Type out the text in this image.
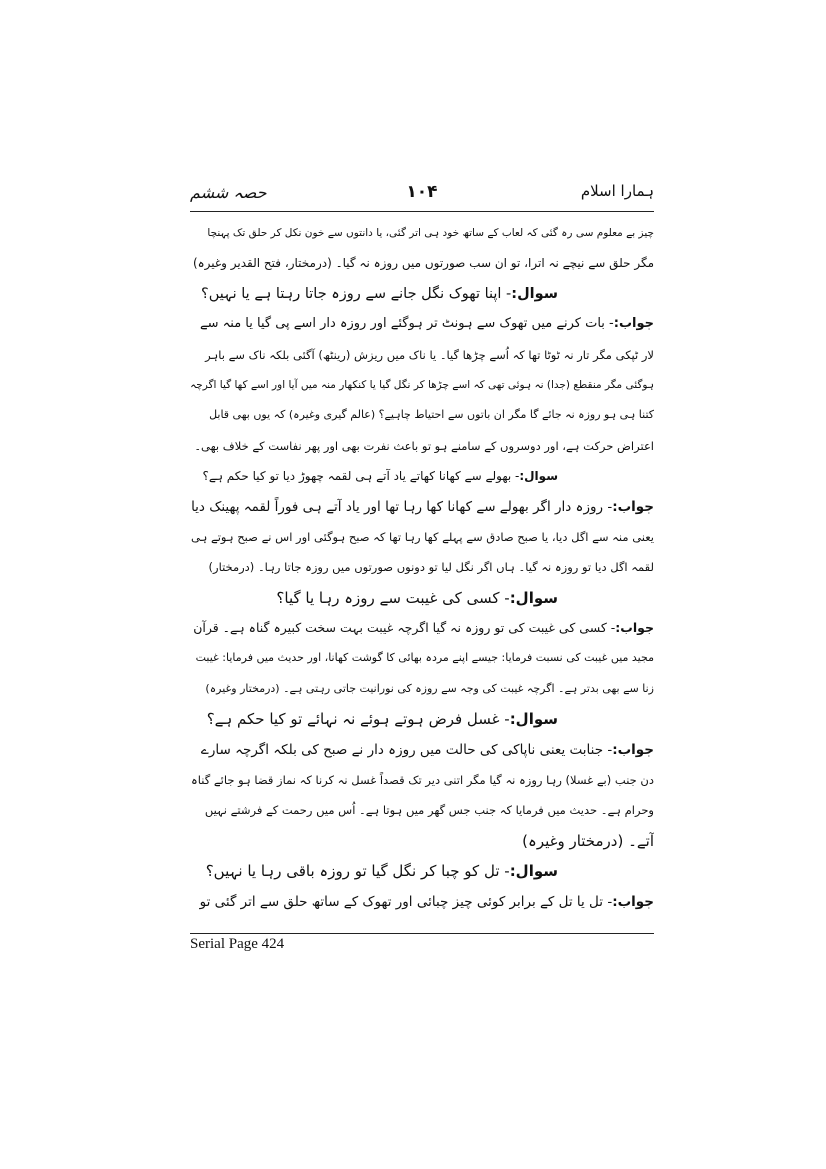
ہمارا اسلام
۱۰۴
حصہ ششم
چیز بے معلوم سی رہ گئی کہ لعاب کے ساتھ خود ہی اتر گئی، یا دانتوں سے خون نکل کر حلق تک پہنچا
مگر حلق سے نیچے نہ اترا، تو ان سب صورتوں میں روزہ نہ گیا۔ (درمختار، فتح القدیر وغیرہ)
سوال:- اپنا تھوک نگل جانے سے روزہ جاتا رہتا ہے یا نہیں؟
جواب:- بات کرنے میں تھوک سے ہونٹ تر ہوگئے اور روزہ دار اسے پی گیا یا منہ سے
لار ٹپکی مگر تار نہ ٹوٹا تھا کہ اُسے چڑھا گیا۔ یا ناک میں ریزش (رینٹھ) آگئی بلکہ ناک سے باہر
ہوگئی مگر منقطع (جدا) نہ ہوئی تھی کہ اسے چڑھا کر نگل گیا یا کنکھار منہ میں آیا اور اسے کھا گیا اگرچہ
کتنا ہی ہو روزہ نہ جائے گا مگر ان باتوں سے احتیاط چاہیے؟ (عالم گیری وغیرہ) کہ یوں بھی قابل
اعتراض حرکت ہے، اور دوسروں کے سامنے ہو تو باعث نفرت بھی اور پھر نفاست کے خلاف بھی۔
سوال:- بھولے سے کھانا کھاتے یاد آتے ہی لقمہ چھوڑ دیا تو کیا حکم ہے؟
جواب:- روزہ دار اگر بھولے سے کھانا کھا رہا تھا اور یاد آتے ہی فوراً لقمہ پھینک دیا
یعنی منہ سے اگل دیا، یا صبح صادق سے پہلے کھا رہا تھا کہ صبح ہوگئی اور اس نے صبح ہوتے ہی
لقمہ اگل دیا تو روزہ نہ گیا۔ ہاں اگر نگل لیا تو دونوں صورتوں میں روزہ جاتا رہا۔ (درمختار)
سوال:- کسی کی غیبت سے روزہ رہا یا گیا؟
جواب:- کسی کی غیبت کی تو روزہ نہ گیا اگرچہ غیبت بہت سخت کبیرہ گناہ ہے۔ قرآن
مجید میں غیبت کی نسبت فرمایا: جیسے اپنے مردہ بھائی کا گوشت کھانا، اور حدیث میں فرمایا: غیبت
زنا سے بھی بدتر ہے۔ اگرچہ غیبت کی وجہ سے روزہ کی نورانیت جاتی رہتی ہے۔ (درمختار وغیرہ)
سوال:- غسل فرض ہوتے ہوئے نہ نہائے تو کیا حکم ہے؟
جواب:- جنابت یعنی ناپاکی کی حالت میں روزہ دار نے صبح کی بلکہ اگرچہ سارے
دن جنب (بے غسلا) رہا روزہ نہ گیا مگر اتنی دیر تک قصداً غسل نہ کرنا کہ نماز قضا ہو جائے گناہ
وحرام ہے۔ حدیث میں فرمایا کہ جنب جس گھر میں ہوتا ہے۔ اُس میں رحمت کے فرشتے نہیں
آتے۔ (درمختار وغیرہ)
سوال:- تل کو چبا کر نگل گیا تو روزہ باقی رہا یا نہیں؟
جواب:- تل یا تل کے برابر کوئی چیز چبائی اور تھوک کے ساتھ حلق سے اتر گئی تو
Serial Page 424
